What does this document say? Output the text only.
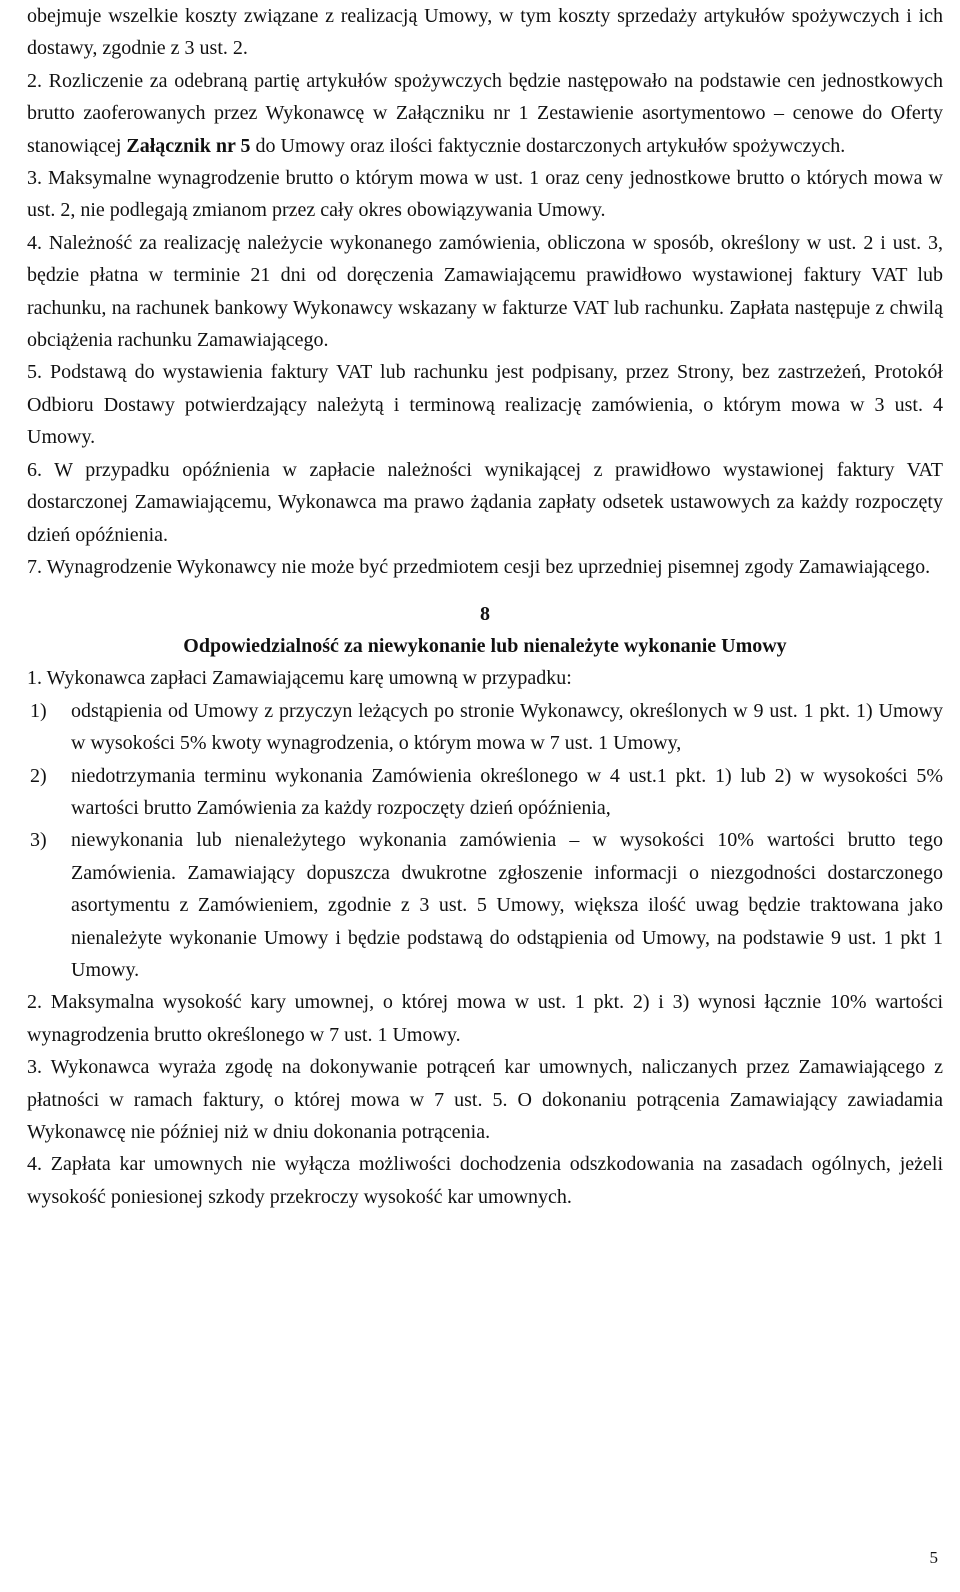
obejmuje wszelkie koszty związane z realizacją Umowy, w tym koszty sprzedaży artykułów spożywczych i ich dostawy, zgodnie z 3 ust. 2.

2. Rozliczenie za odebraną partię artykułów spożywczych będzie następowało na podstawie cen jednostkowych brutto zaoferowanych przez Wykonawcę w Załączniku nr 1 Zestawienie asortymentowo – cenowe do Oferty stanowiącej Załącznik nr 5 do Umowy oraz ilości faktycznie dostarczonych artykułów spożywczych.

3. Maksymalne wynagrodzenie brutto o którym mowa w ust. 1 oraz ceny jednostkowe brutto o których mowa w ust. 2, nie podlegają zmianom przez cały okres obowiązywania Umowy.

4. Należność za realizację należycie wykonanego zamówienia, obliczona w sposób, określony w ust. 2 i ust. 3, będzie płatna w terminie 21 dni od doręczenia Zamawiającemu prawidłowo wystawionej faktury VAT lub rachunku, na rachunek bankowy Wykonawcy wskazany w fakturze VAT lub rachunku. Zapłata następuje z chwilą obciążenia rachunku Zamawiającego.

5. Podstawą do wystawienia faktury VAT lub rachunku jest podpisany, przez Strony, bez zastrzeżeń, Protokół Odbioru Dostawy potwierdzający należytą i terminową realizację zamówienia, o którym mowa w 3 ust. 4 Umowy.

6. W przypadku opóźnienia w zapłacie należności wynikającej z prawidłowo wystawionej faktury VAT dostarczonej Zamawiającemu, Wykonawca ma prawo żądania zapłaty odsetek ustawowych za każdy rozpoczęty dzień opóźnienia.

7. Wynagrodzenie Wykonawcy nie może być przedmiotem cesji bez uprzedniej pisemnej zgody Zamawiającego.

8
Odpowiedzialność za niewykonanie lub nienależyte wykonanie Umowy

1. Wykonawca zapłaci Zamawiającemu karę umowną w przypadku:

1)	odstąpienia od Umowy z przyczyn leżących po stronie Wykonawcy, określonych w 9 ust. 1 pkt. 1) Umowy w wysokości 5% kwoty wynagrodzenia, o którym mowa w 7 ust. 1 Umowy,
2)	niedotrzymania terminu wykonania Zamówienia określonego w 4 ust.1 pkt. 1) lub 2) w wysokości 5% wartości brutto Zamówienia za każdy rozpoczęty dzień opóźnienia,
3)	niewykonania lub nienależytego wykonania zamówienia – w wysokości 10% wartości brutto tego Zamówienia. Zamawiający dopuszcza dwukrotne zgłoszenie informacji o niezgodności dostarczonego asortymentu z Zamówieniem, zgodnie z 3 ust. 5 Umowy, większa ilość uwag będzie traktowana jako nienależyte wykonanie Umowy i będzie podstawą do odstąpienia od Umowy, na podstawie 9 ust. 1 pkt 1 Umowy.

2. Maksymalna wysokość kary umownej, o której mowa w ust. 1 pkt. 2) i 3) wynosi łącznie 10% wartości wynagrodzenia brutto określonego w 7 ust. 1 Umowy.

3. Wykonawca wyraża zgodę na dokonywanie potrąceń kar umownych, naliczanych przez Zamawiającego z płatności w ramach faktury, o której mowa w 7 ust. 5. O dokonaniu potrącenia Zamawiający zawiadamia Wykonawcę nie później niż w dniu dokonania potrącenia.

4. Zapłata kar umownych nie wyłącza możliwości dochodzenia odszkodowania na zasadach ogólnych, jeżeli wysokość poniesionej szkody przekroczy wysokość kar umownych.

5
